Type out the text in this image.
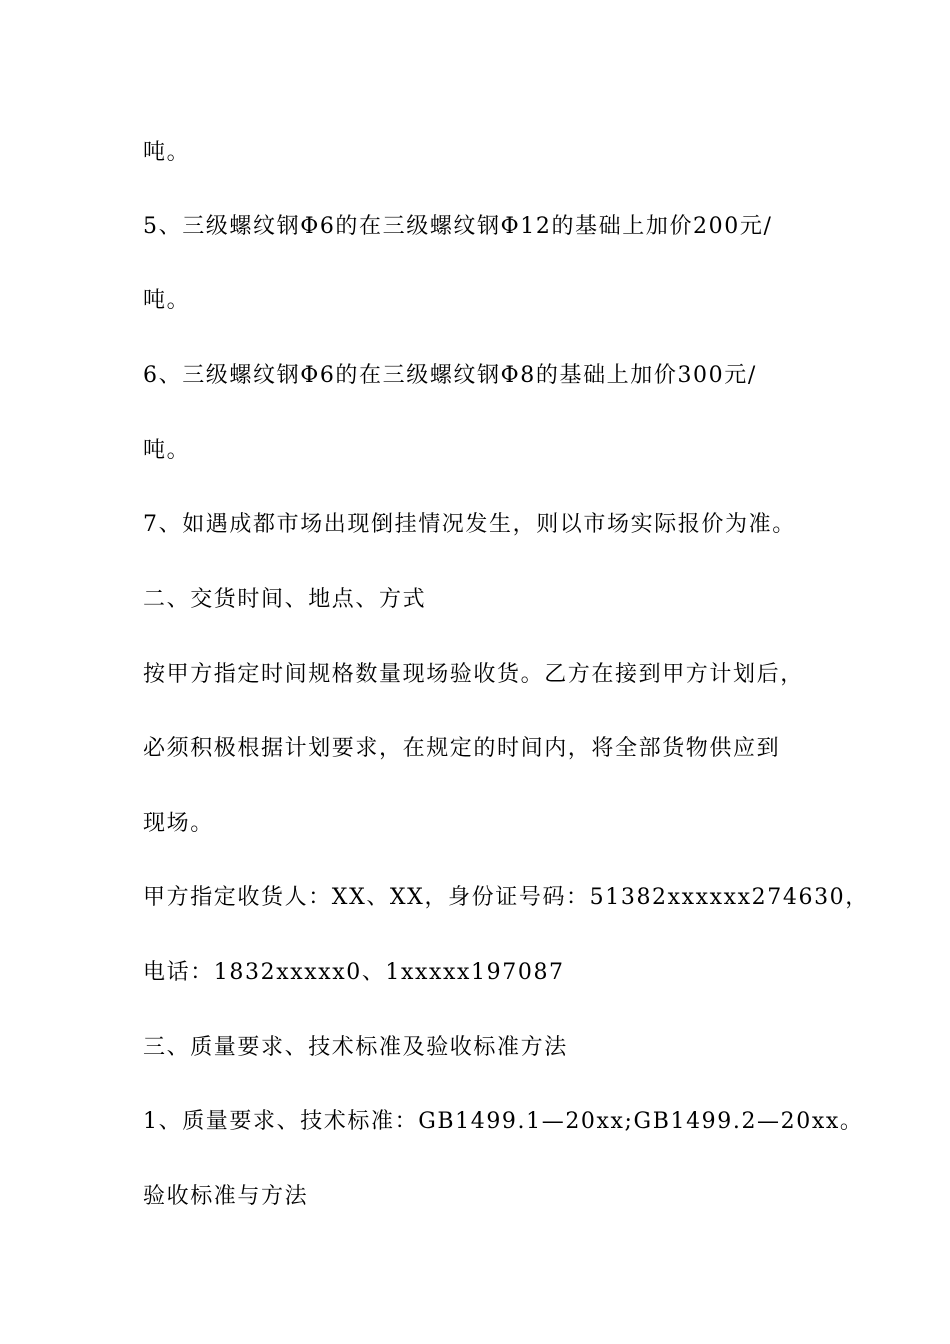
吨。
5、三级螺纹钢Φ6的在三级螺纹钢Φ12的基础上加价200元/
吨。
6、三级螺纹钢Φ6的在三级螺纹钢Φ8的基础上加价300元/
吨。
7、如遇成都市场出现倒挂情况发生，则以市场实际报价为准。
二、交货时间、地点、方式
按甲方指定时间规格数量现场验收货。乙方在接到甲方计划后，
必须积极根据计划要求，在规定的时间内，将全部货物供应到
现场。
甲方指定收货人：XX、XX，身份证号码：51382xxxxxx274630，
电话：1832xxxxx0、1xxxxx197087
三、质量要求、技术标准及验收标准方法
1、质量要求、技术标准：GB1499.1—20xx;GB1499.2—20xx。
验收标准与方法
